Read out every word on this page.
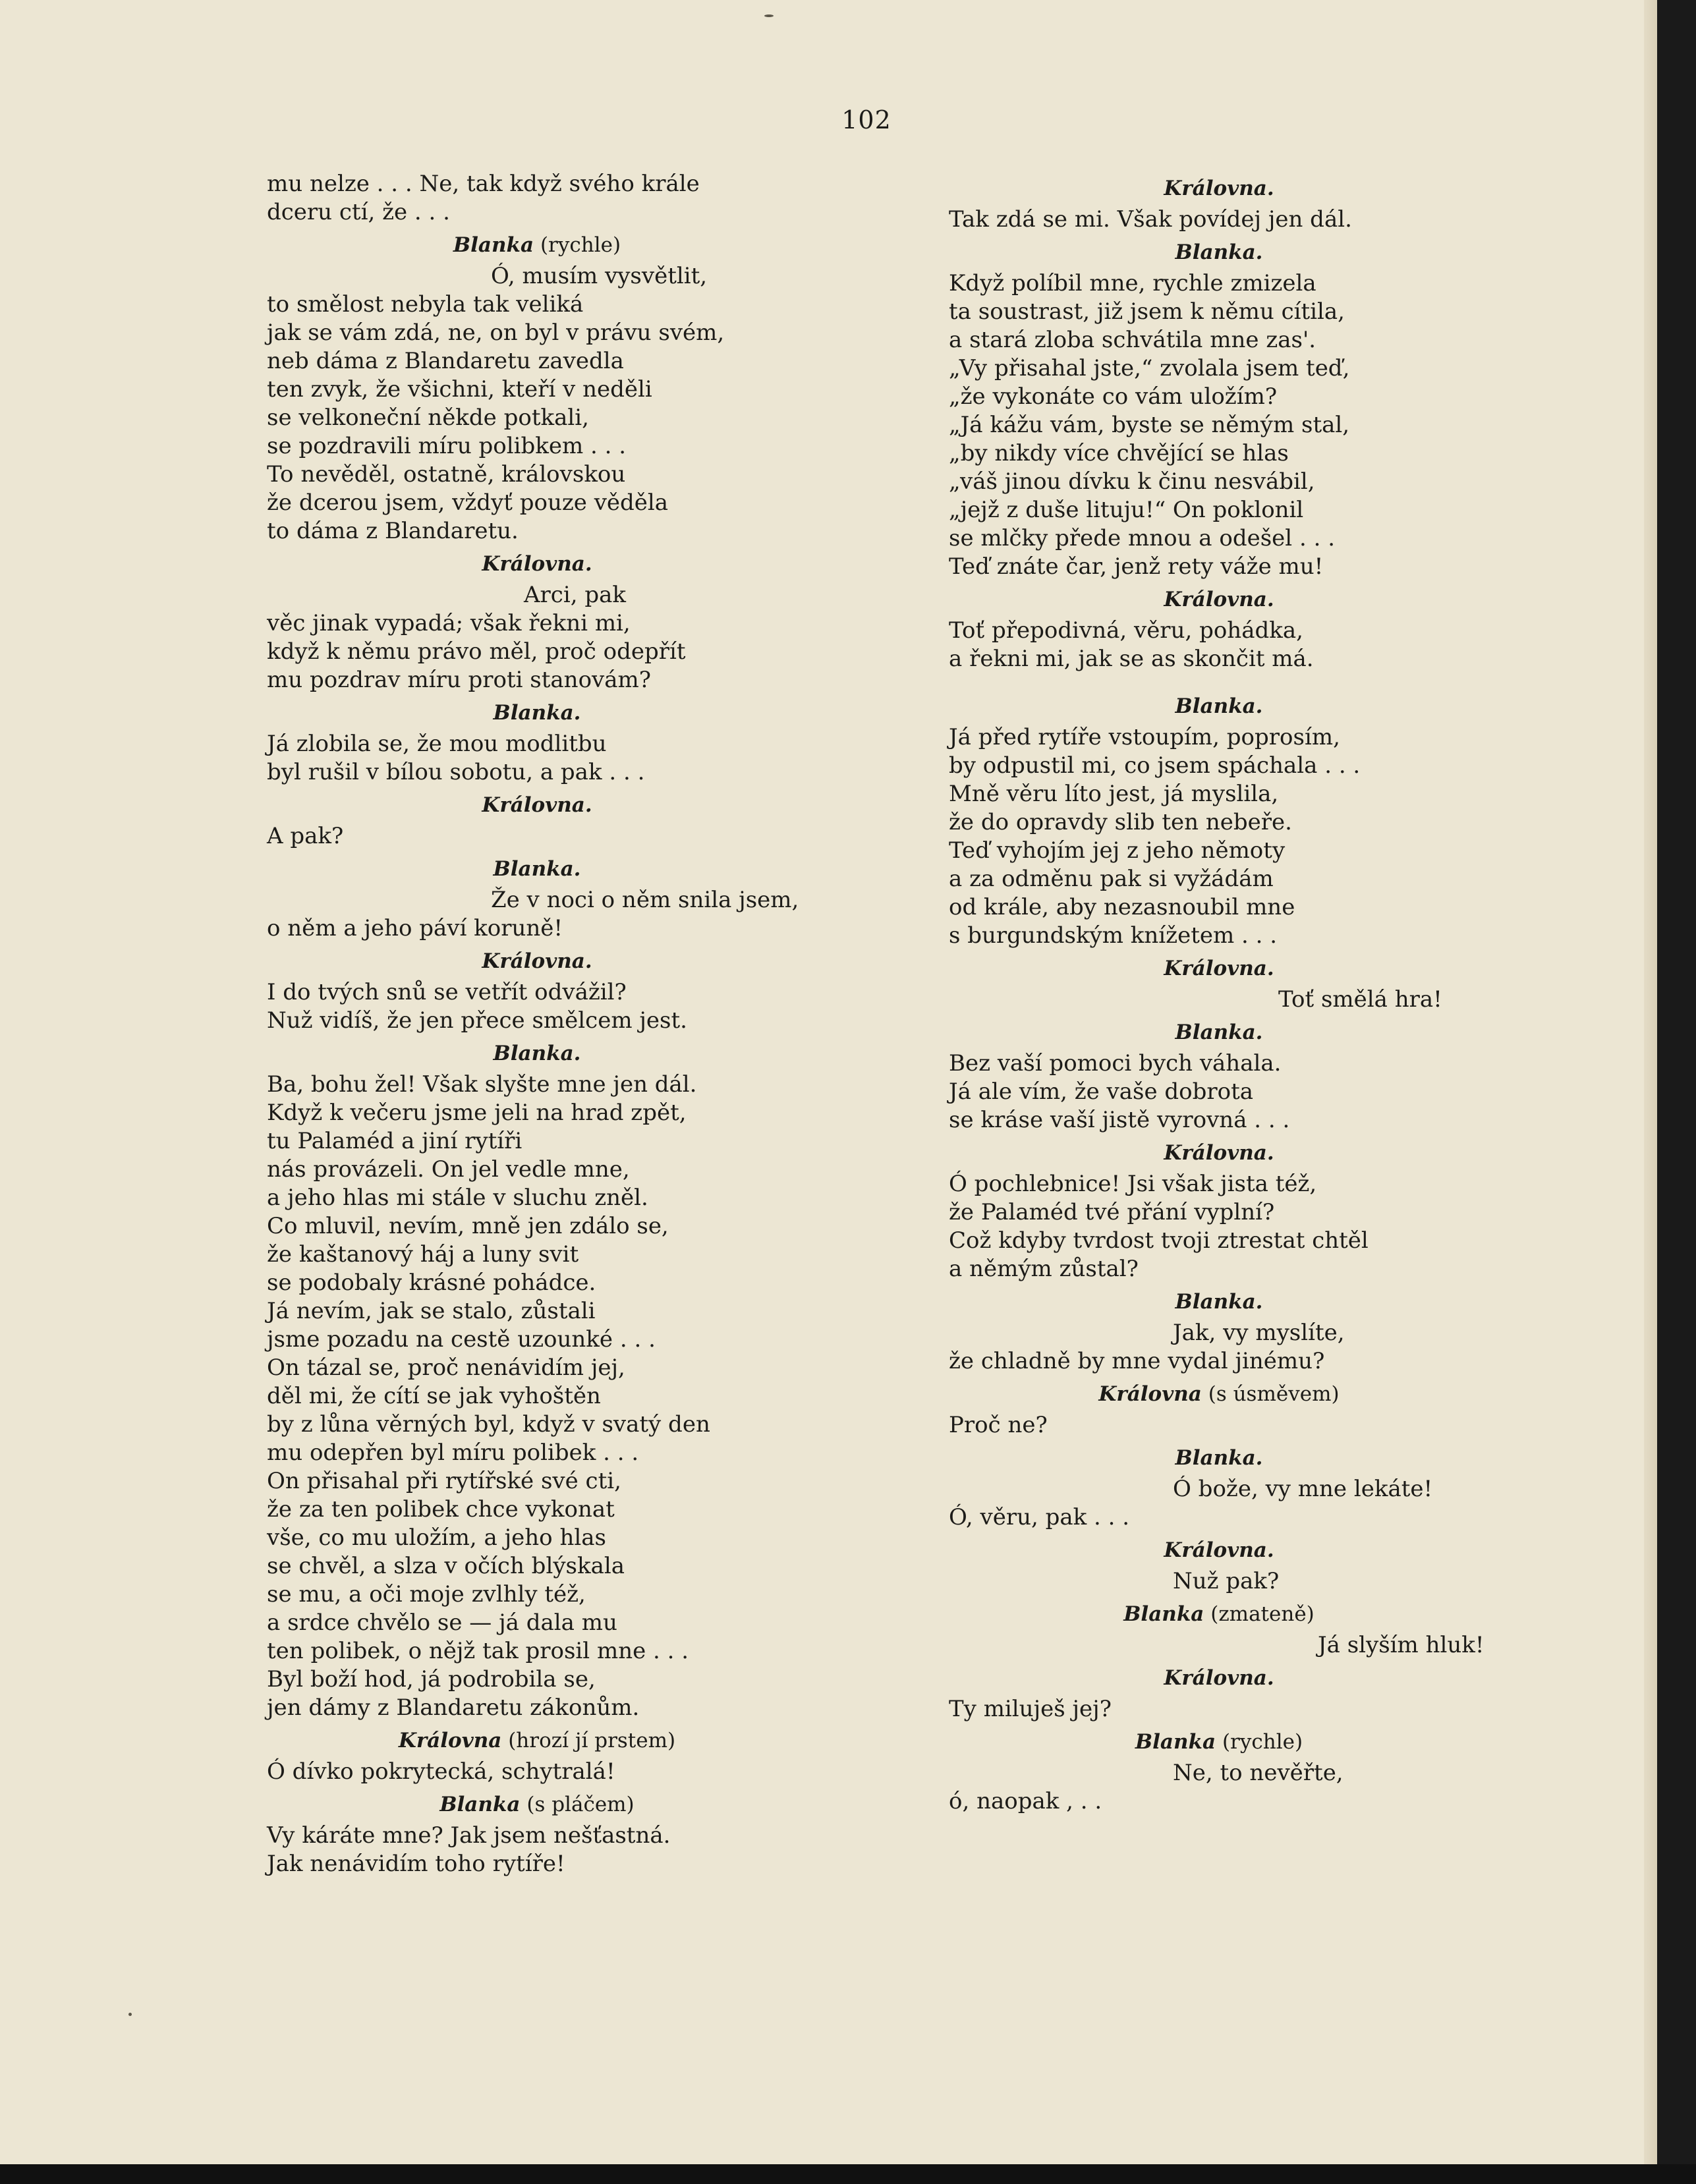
102
mu nelze . . . Ne, tak když svého krále
dceru ctí, že . . .
Blanka (rychle)
Ó, musím vysvětlit,
to smělost nebyla tak veliká
jak se vám zdá, ne, on byl v právu svém,
neb dáma z Blandaretu zavedla
ten zvyk, že všichni, kteří v neděli
se velkoneční někde potkali,
se pozdravili míru polibkem . . .
To nevěděl, ostatně, královskou
že dcerou jsem, vždyť pouze věděla
to dáma z Blandaretu.
Královna.
Arci, pak
věc jinak vypadá; však řekni mi,
když k němu právo měl, proč odepřít
mu pozdrav míru proti stanovám?
Blanka.
Já zlobila se, že mou modlitbu
byl rušil v bílou sobotu, a pak . . .
Královna.
A pak?
Blanka.
Že v noci o něm snila jsem,
o něm a jeho páví koruně!
Královna.
I do tvých snů se vetřít odvážil?
Nuž vidíš, že jen přece smělcem jest.
Blanka.
Ba, bohu žel! Však slyšte mne jen dál.
Když k večeru jsme jeli na hrad zpět,
tu Palaméd a jiní rytíři
nás provázeli. On jel vedle mne,
a jeho hlas mi stále v sluchu zněl.
Co mluvil, nevím, mně jen zdálo se,
že kaštanový háj a luny svit
se podobaly krásné pohádce.
Já nevím, jak se stalo, zůstali
jsme pozadu na cestě uzounké . . .
On tázal se, proč nenávidím jej,
děl mi, že cítí se jak vyhoštěn
by z lůna věrných byl, když v svatý den
mu odepřen byl míru polibek . . .
On přisahal při rytířské své cti,
že za ten polibek chce vykonat
vše, co mu uložím, a jeho hlas
se chvěl, a slza v očích blýskala
se mu, a oči moje zvlhly též,
a srdce chvělo se — já dala mu
ten polibek, o nějž tak prosil mne . . .
Byl boží hod, já podrobila se,
jen dámy z Blandaretu zákonům.
Královna (hrozí jí prstem)
Ó dívko pokrytecká, schytralá!
Blanka (s pláčem)
Vy káráte mne? Jak jsem nešťastná.
Jak nenávidím toho rytíře!
Královna.
Tak zdá se mi. Však povídej jen dál.
Blanka.
Když políbil mne, rychle zmizela
ta soustrast, již jsem k němu cítila,
a stará zloba schvátila mne zas'.
„Vy přisahal jste,“ zvolala jsem teď,
„že vykonáte co vám uložím?
„Já kážu vám, byste se němým stal,
„by nikdy více chvějící se hlas
„váš jinou dívku k činu nesvábil,
„jejž z duše lituju!“ On poklonil
se mlčky přede mnou a odešel . . .
Teď znáte čar, jenž rety váže mu!
Královna.
Toť přepodivná, věru, pohádka,
a řekni mi, jak se as skončit má.
Blanka.
Já před rytíře vstoupím, poprosím,
by odpustil mi, co jsem spáchala . . .
Mně věru líto jest, já myslila,
že do opravdy slib ten nebeře.
Teď vyhojím jej z jeho němoty
a za odměnu pak si vyžádám
od krále, aby nezasnoubil mne
s burgundským knížetem . . .
Královna.
Toť smělá hra!
Blanka.
Bez vaší pomoci bych váhala.
Já ale vím, že vaše dobrota
se kráse vaší jistě vyrovná . . .
Královna.
Ó pochlebnice! Jsi však jista též,
že Palaméd tvé přání vyplní?
Což kdyby tvrdost tvoji ztrestat chtěl
a němým zůstal?
Blanka.
Jak, vy myslíte,
že chladně by mne vydal jinému?
Královna (s úsměvem)
Proč ne?
Blanka.
Ó bože, vy mne lekáte!
Ó, věru, pak . . .
Královna.
Nuž pak?
Blanka (zmateně)
Já slyším hluk!
Královna.
Ty miluješ jej?
Blanka (rychle)
Ne, to nevěřte,
ó, naopak , . .
